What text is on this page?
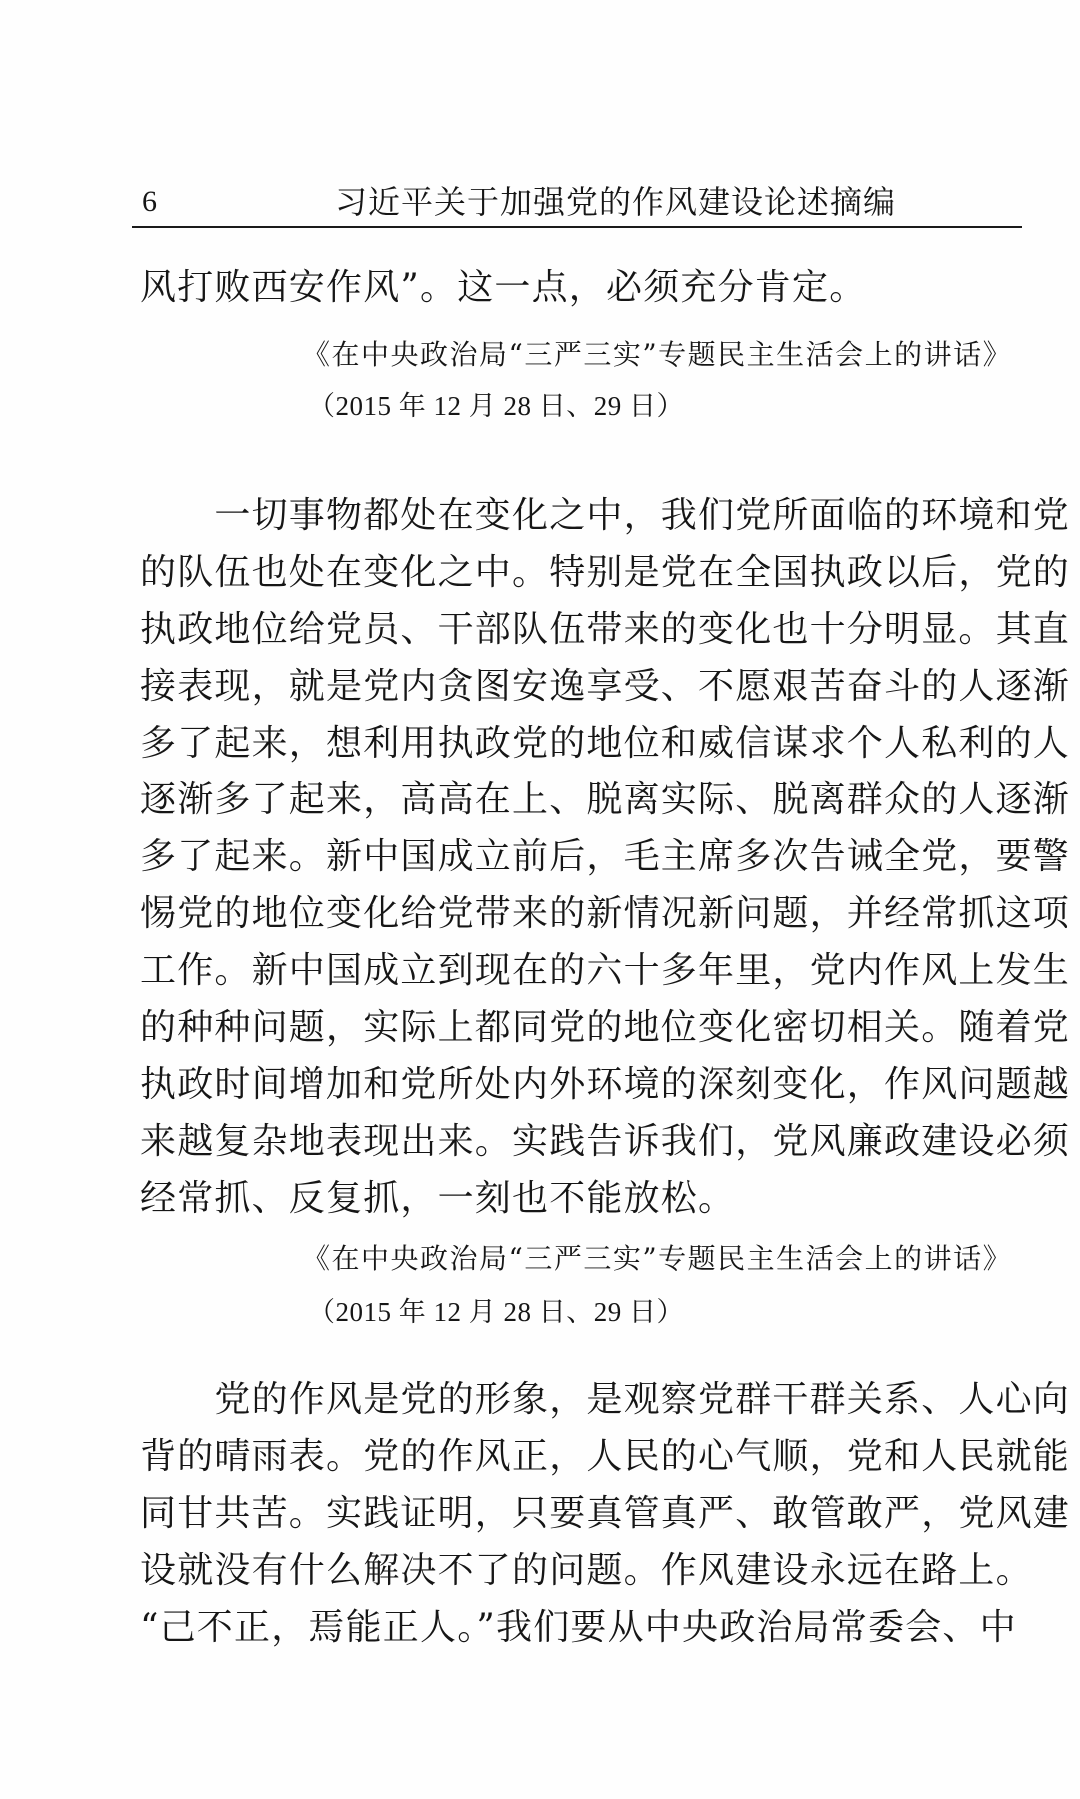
6	习近平关于加强党的作风建设论述摘编
风打败西安作风”。这一点，必须充分肯定。
《在中央政治局“三严三实”专题民主生活会上的讲话》
（2015 年 12 月 28 日、29 日）
　　一切事物都处在变化之中，我们党所面临的环境和党
的队伍也处在变化之中。特别是党在全国执政以后，党的
执政地位给党员、干部队伍带来的变化也十分明显。其直
接表现，就是党内贪图安逸享受、不愿艰苦奋斗的人逐渐
多了起来，想利用执政党的地位和威信谋求个人私利的人
逐渐多了起来，高高在上、脱离实际、脱离群众的人逐渐
多了起来。新中国成立前后，毛主席多次告诫全党，要警
惕党的地位变化给党带来的新情况新问题，并经常抓这项
工作。新中国成立到现在的六十多年里，党内作风上发生
的种种问题，实际上都同党的地位变化密切相关。随着党
执政时间增加和党所处内外环境的深刻变化，作风问题越
来越复杂地表现出来。实践告诉我们，党风廉政建设必须
经常抓、反复抓，一刻也不能放松。
《在中央政治局“三严三实”专题民主生活会上的讲话》
（2015 年 12 月 28 日、29 日）
　　党的作风是党的形象，是观察党群干群关系、人心向
背的晴雨表。党的作风正，人民的心气顺，党和人民就能
同甘共苦。实践证明，只要真管真严、敢管敢严，党风建
设就没有什么解决不了的问题。作风建设永远在路上。
“己不正，焉能正人。”我们要从中央政治局常委会、中
